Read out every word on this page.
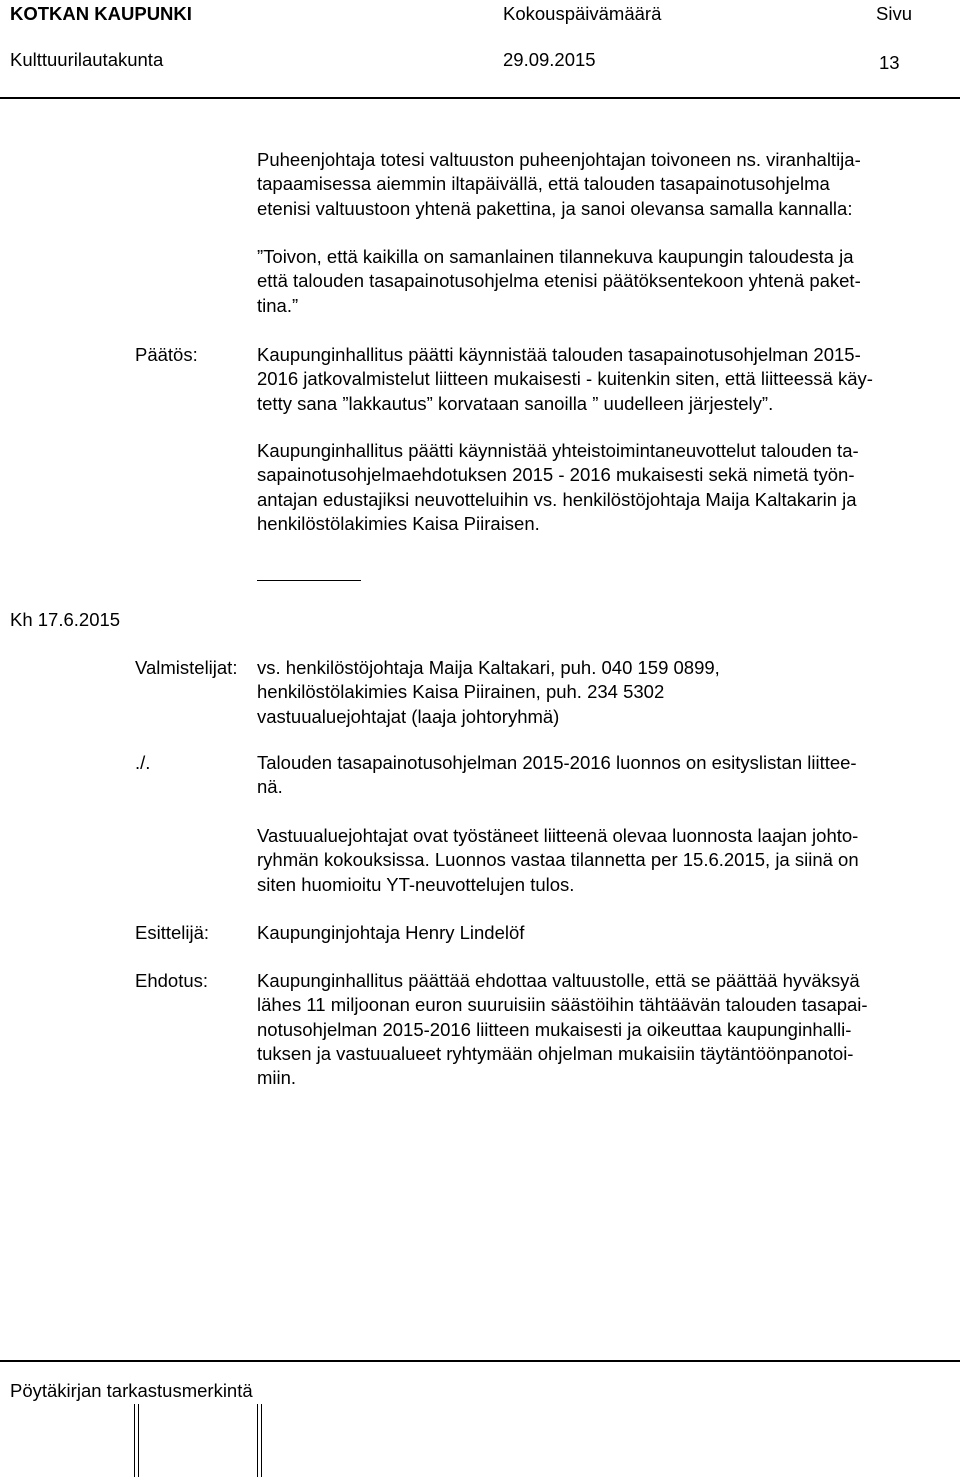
KOTKAN KAUPUNKI
Kulttuurilautakunta
Kokouspäivämäärä
29.09.2015
Sivu
13
Puheenjohtaja totesi valtuuston puheenjohtajan toivoneen ns. viranhaltija-
tapaamisessa aiemmin iltapäivällä, että talouden tasapainotusohjelma
etenisi valtuustoon yhtenä pakettina, ja sanoi olevansa samalla kannalla:
”Toivon, että kaikilla on samanlainen tilannekuva kaupungin taloudesta ja
että talouden tasapainotusohjelma etenisi päätöksentekoon yhtenä paket-
tina.”
Päätös:	Kaupunginhallitus päätti käynnistää talouden tasapainotusohjelman 2015-
2016 jatkovalmistelut liitteen mukaisesti - kuitenkin siten, että liitteessä käy-
tetty sana ”lakkautus” korvataan sanoilla ” uudelleen järjestely”.
Kaupunginhallitus päätti käynnistää yhteistoimintaneuvottelut talouden ta-
sapainotusohjelmaehdotuksen 2015 - 2016 mukaisesti sekä nimetä työn-
antajan edustajiksi neuvotteluihin vs. henkilöstöjohtaja Maija Kaltakarin ja
henkilöstölakimies Kaisa Piiraisen.
Kh 17.6.2015
Valmistelijat: vs. henkilöstöjohtaja Maija Kaltakari, puh. 040 159 0899,
henkilöstölakimies Kaisa Piirainen, puh. 234 5302
vastuualuejohtajat (laaja johtoryhmä)
./.	Talouden tasapainotusohjelman 2015-2016 luonnos on esityslistan liittee-
nä.
Vastuualuejohtajat ovat työstäneet liitteenä olevaa luonnosta laajan johto-
ryhmän kokouksissa. Luonnos vastaa tilannetta per 15.6.2015, ja siinä on
siten huomioitu YT-neuvottelujen tulos.
Esittelijä:	Kaupunginjohtaja Henry Lindelöf
Ehdotus:	Kaupunginhallitus päättää ehdottaa valtuustolle, että se päättää hyväksyä
lähes 11 miljoonan euron suuruisiin säästöihin tähtäävän talouden tasapai-
notusohjelman 2015-2016 liitteen mukaisesti ja oikeuttaa kaupunginhalli-
tuksen ja vastuualueet ryhtymään ohjelman mukaisiin täytäntöönpanotoi-
miin.
Pöytäkirjan tarkastusmerkintä
